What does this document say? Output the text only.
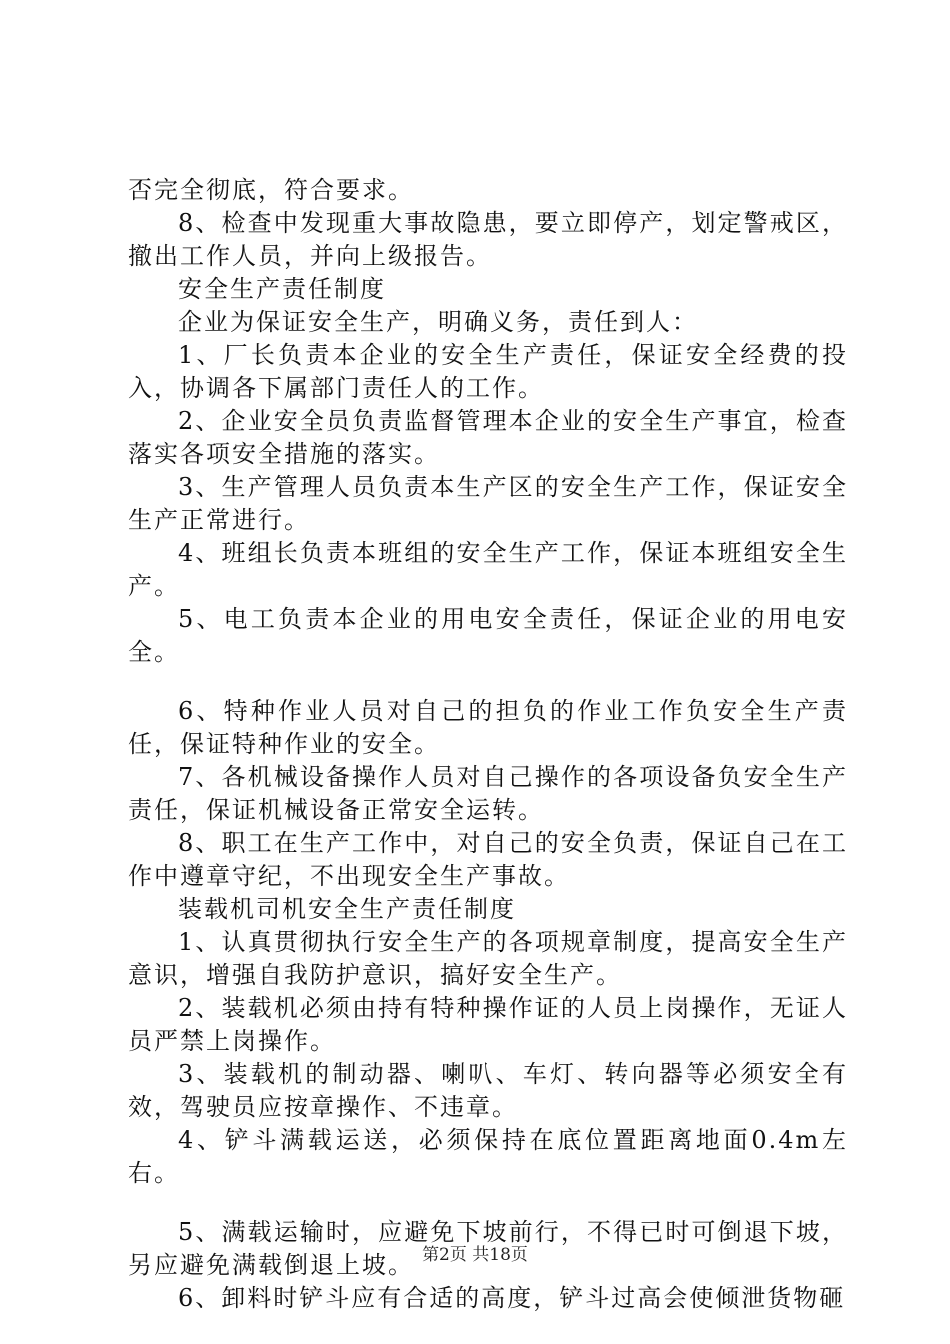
否完全彻底，符合要求。

8、检查中发现重大事故隐患，要立即停产，划定警戒区，撤出工作人员，并向上级报告。

安全生产责任制度

企业为保证安全生产，明确义务，责任到人：

1、厂长负责本企业的安全生产责任，保证安全经费的投入，协调各下属部门责任人的工作。

2、企业安全员负责监督管理本企业的安全生产事宜，检查落实各项安全措施的落实。

3、生产管理人员负责本生产区的安全生产工作，保证安全生产正常进行。

4、班组长负责本班组的安全生产工作，保证本班组安全生产。

5、电工负责本企业的用电安全责任，保证企业的用电安全。

6、特种作业人员对自己的担负的作业工作负安全生产责任，保证特种作业的安全。

7、各机械设备操作人员对自己操作的各项设备负安全生产责任，保证机械设备正常安全运转。

8、职工在生产工作中，对自己的安全负责，保证自己在工作中遵章守纪，不出现安全生产事故。

装载机司机安全生产责任制度

1、认真贯彻执行安全生产的各项规章制度，提高安全生产意识，增强自我防护意识，搞好安全生产。

2、装载机必须由持有特种操作证的人员上岗操作，无证人员严禁上岗操作。

3、装载机的制动器、喇叭、车灯、转向器等必须安全有效，驾驶员应按章操作、不违章。

4、铲斗满载运送，必须保持在底位置距离地面0.4m左右。

5、满载运输时，应避免下坡前行，不得已时可倒退下坡，另应避免满载倒退上坡。

6、卸料时铲斗应有合适的高度，铲斗过高会使倾泄货物砸

第2页 共18页
